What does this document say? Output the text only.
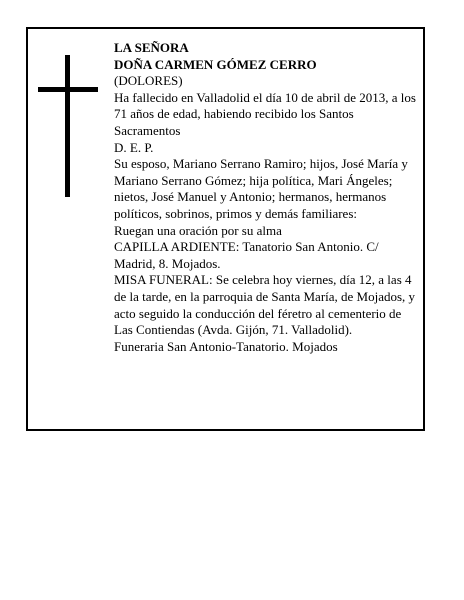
LA SEÑORA

DOÑA CARMEN GÓMEZ CERRO

(DOLORES)

Ha fallecido en Valladolid el día 10 de abril de 2013, a los 71 años de edad, habiendo recibido los Santos Sacramentos

D. E. P.

Su esposo, Mariano Serrano Ramiro; hijos, José María y Mariano Serrano Gómez; hija política, Mari Ángeles; nietos, José Manuel y Antonio; hermanos, hermanos políticos, sobrinos, primos y demás familiares:

Ruegan una oración por su alma

CAPILLA ARDIENTE: Tanatorio San Antonio. C/ Madrid, 8. Mojados.

MISA FUNERAL: Se celebra hoy viernes, día 12, a las 4 de la tarde, en la parroquia de Santa María, de Mojados, y acto seguido la conducción del féretro al cementerio de Las Contiendas (Avda. Gijón, 71. Valladolid).

Funeraria San Antonio-Tanatorio. Mojados
